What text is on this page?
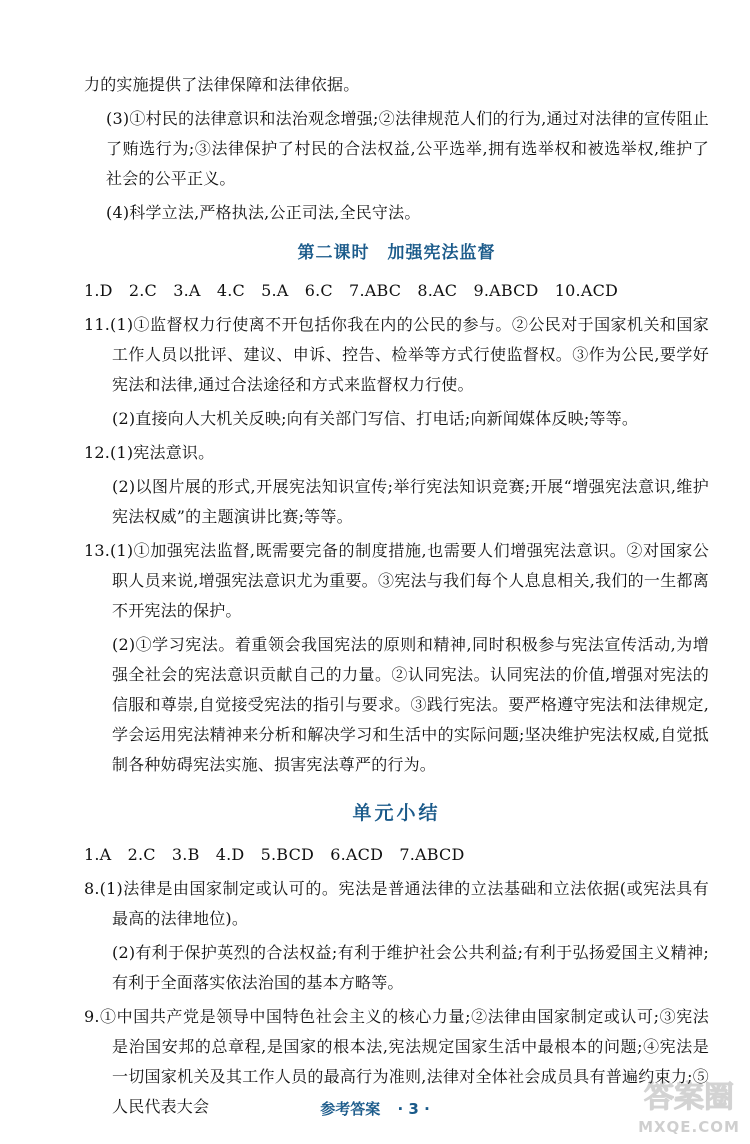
力的实施提供了法律保障和法律依据。

(3)①村民的法律意识和法治观念增强;②法律规范人们的行为,通过对法律的宣传阻止了贿选行为;③法律保护了村民的合法权益,公平选举,拥有选举权和被选举权,维护了社会的公平正义。

(4)科学立法,严格执法,公正司法,全民守法。

第二课时　加强宪法监督

1.D　2.C　3.A　4.C　5.A　6.C　7.ABC　8.AC　9.ABCD　10.ACD

11.(1)①监督权力行使离不开包括你我在内的公民的参与。②公民对于国家机关和国家工作人员以批评、建议、申诉、控告、检举等方式行使监督权。③作为公民,要学好宪法和法律,通过合法途径和方式来监督权力行使。

(2)直接向人大机关反映;向有关部门写信、打电话;向新闻媒体反映;等等。

12.(1)宪法意识。

(2)以图片展的形式,开展宪法知识宣传;举行宪法知识竞赛;开展“增强宪法意识,维护宪法权威”的主题演讲比赛;等等。

13.(1)①加强宪法监督,既需要完备的制度措施,也需要人们增强宪法意识。②对国家公职人员来说,增强宪法意识尤为重要。③宪法与我们每个人息息相关,我们的一生都离不开宪法的保护。

(2)①学习宪法。着重领会我国宪法的原则和精神,同时积极参与宪法宣传活动,为增强全社会的宪法意识贡献自己的力量。②认同宪法。认同宪法的价值,增强对宪法的信服和尊崇,自觉接受宪法的指引与要求。③践行宪法。要严格遵守宪法和法律规定,学会运用宪法精神来分析和解决学习和生活中的实际问题;坚决维护宪法权威,自觉抵制各种妨碍宪法实施、损害宪法尊严的行为。

单元小结

1.A　2.C　3.B　4.D　5.BCD　6.ACD　7.ABCD

8.(1)法律是由国家制定或认可的。宪法是普通法律的立法基础和立法依据(或宪法具有最高的法律地位)。

(2)有利于保护英烈的合法权益;有利于维护社会公共利益;有利于弘扬爱国主义精神;有利于全面落实依法治国的基本方略等。

9.①中国共产党是领导中国特色社会主义的核心力量;②法律由国家制定或认可;③宪法是治国安邦的总章程,是国家的根本法,宪法规定国家生活中最根本的问题;④宪法是一切国家机关及其工作人员的最高行为准则,法律对全体社会成员具有普遍约束力;⑤人民代表大会	参考答案 · 3 ·	答案圈
MXQE.COM
